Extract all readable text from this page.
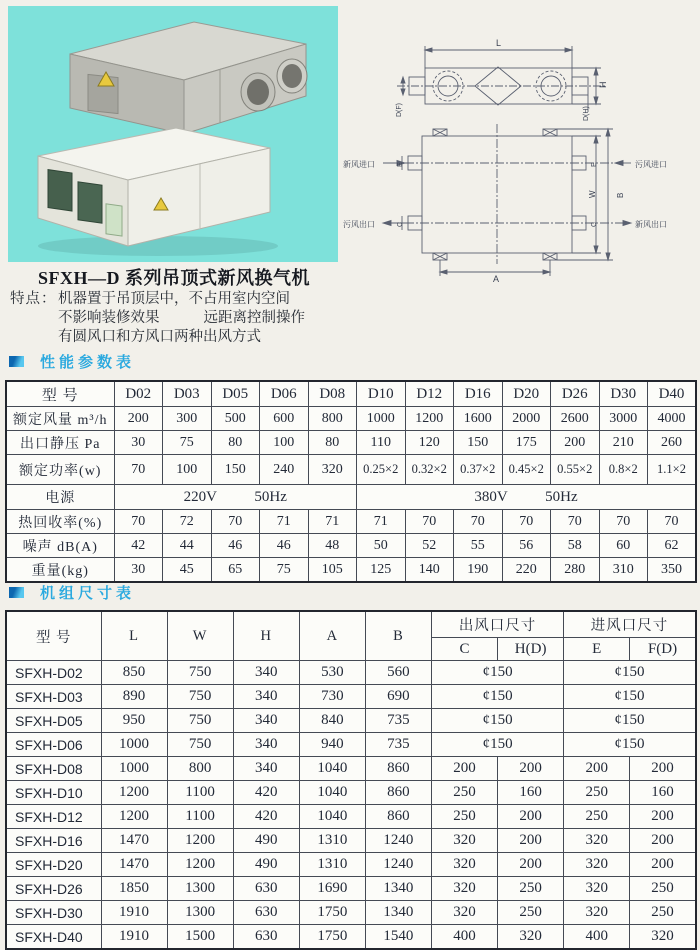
L
H
D(F)	D(H)
A
W B
E
C
E
C
新风进口
污风出口
污风进口
新风出口
SFXH—D 系列吊顶式新风换气机
特点： 机器置于吊顶层中，不占用室内空间
不影响装修效果	远距离控制操作
有圆风口和方风口两种出风方式
性能参数表
型 号	D02	D03	D05	D06	D08	D10	D12	D16	D20	D26	D30	D40
额定风量 m³/h	200	300	500	600	800	1000	1200	1600	2000	2600	3000	4000
出口静压 Pa	30	75	80	100	80	110	120	150	175	200	210	260
额定功率(w)	70	100	150	240	320	0.25×2	0.32×2	0.37×2	0.45×2	0.55×2	0.8×2	1.1×2
电源	220V 50Hz					380V 50Hz						
热回收率(%)	70	72	70	71	71	71	70	70	70	70	70	70
噪声 dB(A)	42	44	46	46	48	50	52	55	56	58	60	62
重量(kg)	30	45	65	75	105	125	140	190	220	280	310	350
机组尺寸表
型 号	L	W	H	A	B	出风口尺寸		进风口尺寸	
						C	H(D)	E	F(D)
SFXH-D02	850	750	340	530	560	¢150		¢150	
SFXH-D03	890	750	340	730	690	¢150		¢150	
SFXH-D05	950	750	340	840	735	¢150		¢150	
SFXH-D06	1000	750	340	940	735	¢150		¢150	
SFXH-D08	1000	800	340	1040	860	200	200	200	200
SFXH-D10	1200	1100	420	1040	860	250	160	250	160
SFXH-D12	1200	1100	420	1040	860	250	200	250	200
SFXH-D16	1470	1200	490	1310	1240	320	200	320	200
SFXH-D20	1470	1200	490	1310	1240	320	200	320	200
SFXH-D26	1850	1300	630	1690	1340	320	250	320	250
SFXH-D30	1910	1300	630	1750	1340	320	250	320	250
SFXH-D40	1910	1500	630	1750	1540	400	320	400	320
